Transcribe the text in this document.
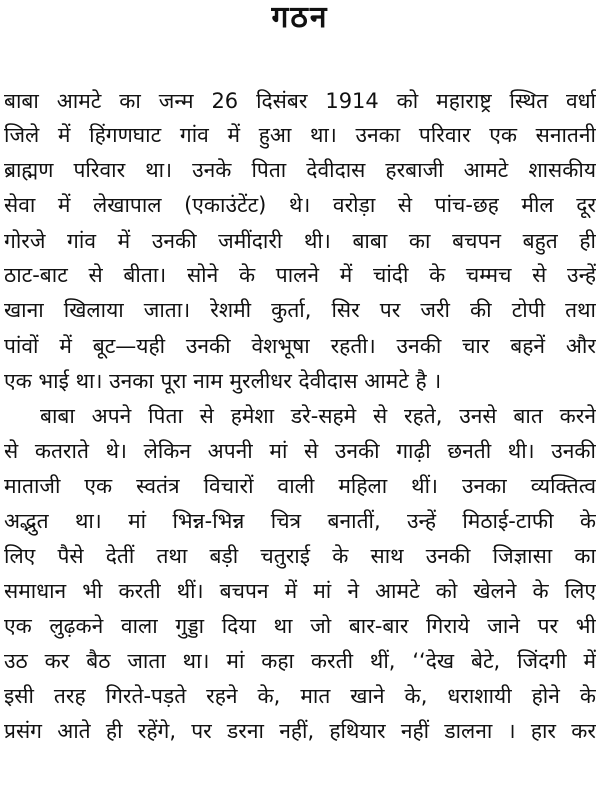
गठन
बाबा आमटे का जन्म 26 दिसंबर 1914 को महाराष्ट्र स्थित वर्धा
जिले में हिंगणघाट गांव में हुआ था। उनका परिवार एक सनातनी
ब्राह्मण परिवार था। उनके पिता देवीदास हरबाजी आमटे शासकीय
सेवा में लेखापाल (एकाउंटेंट) थे। वरोड़ा से पांच-छह मील दूर
गोरजे गांव में उनकी जमींदारी थी। बाबा का बचपन बहुत ही
ठाट-बाट से बीता। सोने के पालने में चांदी के चम्मच से उन्हें
खाना खिलाया जाता। रेशमी कुर्ता, सिर पर जरी की टोपी तथा
पांवों में बूट—यही उनकी वेशभूषा रहती। उनकी चार बहनें और
एक भाई था। उनका पूरा नाम मुरलीधर देवीदास आमटे है ।
बाबा अपने पिता से हमेशा डरे-सहमे से रहते, उनसे बात करने
से कतराते थे। लेकिन अपनी मां से उनकी गाढ़ी छनती थी। उनकी
माताजी एक स्वतंत्र विचारों वाली महिला थीं। उनका व्यक्तित्व
अद्भुत था। मां भिन्न-भिन्न चित्र बनातीं, उन्हें मिठाई-टाफी के
लिए पैसे देतीं तथा बड़ी चतुराई के साथ उनकी जिज्ञासा का
समाधान भी करती थीं। बचपन में मां ने आमटे को खेलने के लिए
एक लुढ़कने वाला गुड्डा दिया था जो बार-बार गिराये जाने पर भी
उठ कर बैठ जाता था। मां कहा करती थीं, ‘‘देख बेटे, जिंदगी में
इसी तरह गिरते-पड़ते रहने के, मात खाने के, धराशायी होने के
प्रसंग आते ही रहेंगे, पर डरना नहीं, हथियार नहीं डालना । हार कर
